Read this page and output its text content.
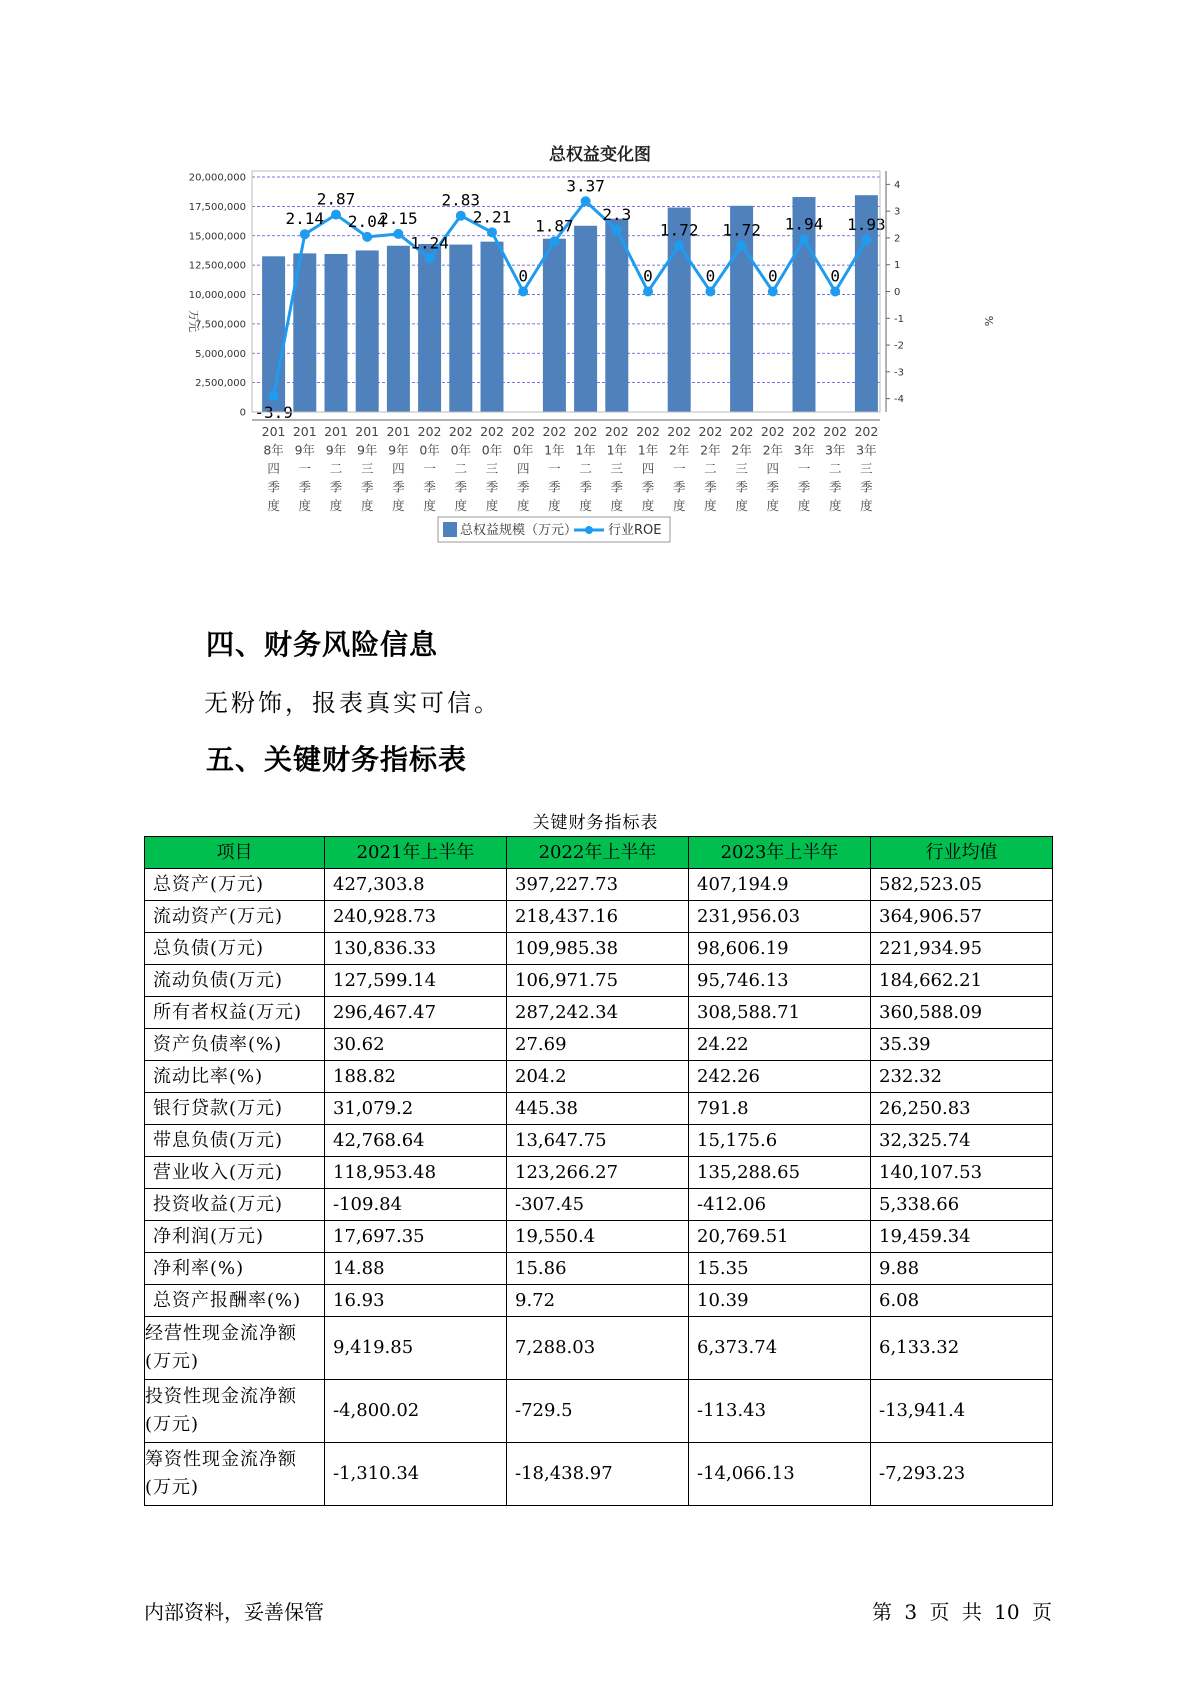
总权益变化图
-3.9
2.14
2.87
2.04
2.15
1.24
2.83
2.21
0
1.87
3.37
2.3
0
1.72
0
1.72
0
1.94
0
1.93
20,000,000
17,500,000
15,000,000
12,500,000
10,000,000
7,500,000
5,000,000
2,500,000
0
4
3
2
1
0
-1
-2
-3
-4
201 8年四季度
201 9年一季度
201 9年二季度
201 9年三季度
201 9年四季度
202 0年一季度
202 0年二季度
202 0年三季度
202 0年四季度
202 1年一季度
202 1年二季度
202 1年三季度
202 1年四季度
202 2年一季度
202 2年二季度
202 2年三季度
202 2年四季度
202 3年一季度
202 3年二季度
202 3年三季度
万元	%
总权益规模（万元） 行业ROE
四、财务风险信息

无粉饰，报表真实可信。

五、关键财务指标表

关键财务指标表

项目	2021年上半年	2022年上半年	2023年上半年	行业均值
总资产(万元)	427,303.8	397,227.73	407,194.9	582,523.05
流动资产(万元)	240,928.73	218,437.16	231,956.03	364,906.57
总负债(万元)	130,836.33	109,985.38	98,606.19	221,934.95
流动负债(万元)	127,599.14	106,971.75	95,746.13	184,662.21
所有者权益(万元)	296,467.47	287,242.34	308,588.71	360,588.09
资产负债率(%)	30.62	27.69	24.22	35.39
流动比率(%)	188.82	204.2	242.26	232.32
银行贷款(万元)	31,079.2	445.38	791.8	26,250.83
带息负债(万元)	42,768.64	13,647.75	15,175.6	32,325.74
营业收入(万元)	118,953.48	123,266.27	135,288.65	140,107.53
投资收益(万元)	-109.84	-307.45	-412.06	5,338.66
净利润(万元)	17,697.35	19,550.4	20,769.51	19,459.34
净利率(%)	14.88	15.86	15.35	9.88
总资产报酬率(%)	16.93	9.72	10.39	6.08
经营性现金流净额(万元)	9,419.85	7,288.03	6,373.74	6,133.32
投资性现金流净额(万元)	-4,800.02	-729.5	-113.43	-13,941.4
筹资性现金流净额(万元)	-1,310.34	-18,438.97	-14,066.13	-7,293.23

内部资料，妥善保管	第 3 页 共 10 页
